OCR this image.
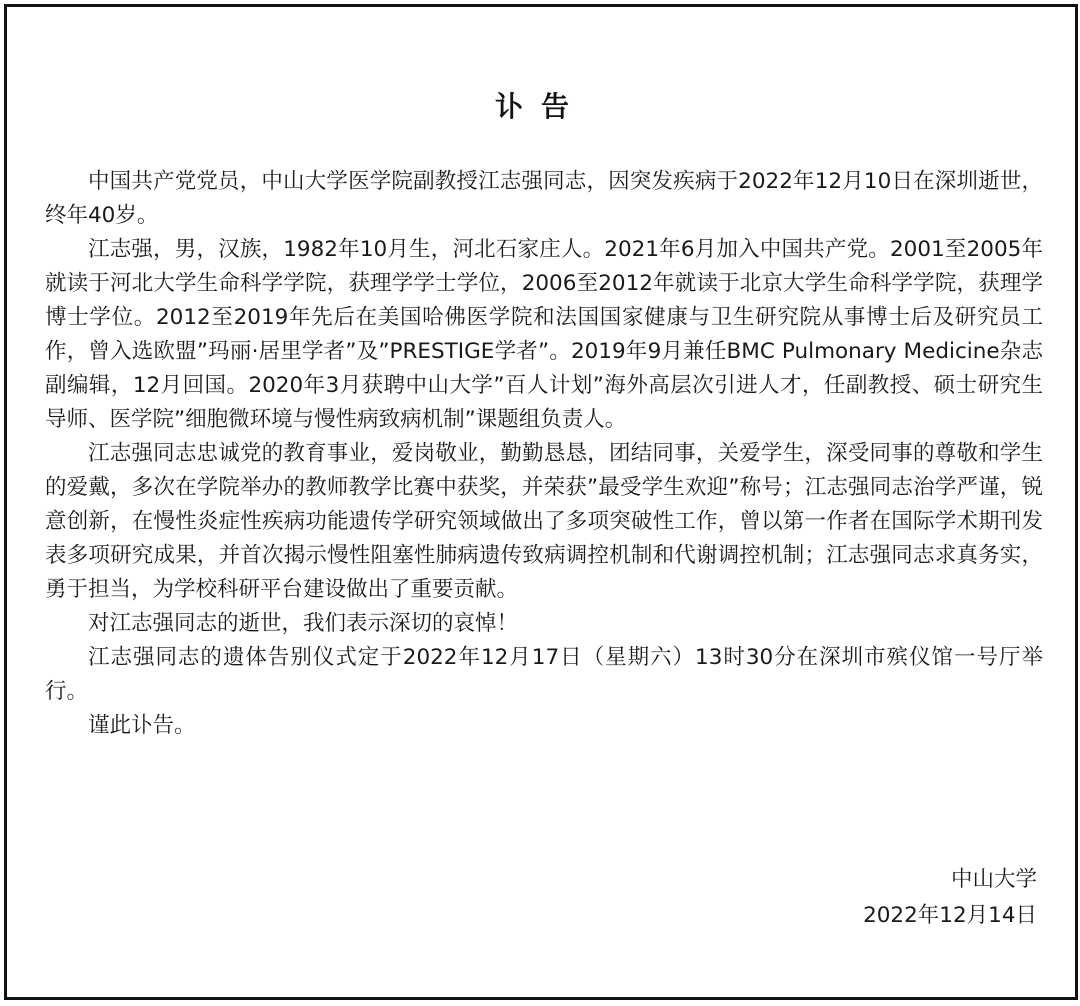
讣告

中国共产党党员，中山大学医学院副教授江志强同志，因突发疾病于2022年12月10日在深圳逝世，终年40岁。

江志强，男，汉族，1982年10月生，河北石家庄人。2021年6月加入中国共产党。2001至2005年就读于河北大学生命科学学院，获理学学士学位，2006至2012年就读于北京大学生命科学学院，获理学博士学位。2012至2019年先后在美国哈佛医学院和法国国家健康与卫生研究院从事博士后及研究员工作，曾入选欧盟”玛丽·居里学者”及”PRESTIGE学者”。2019年9月兼任BMC Pulmonary Medicine杂志副编辑，12月回国。2020年3月获聘中山大学”百人计划”海外高层次引进人才，任副教授、硕士研究生导师、医学院”细胞微环境与慢性病致病机制”课题组负责人。

江志强同志忠诚党的教育事业，爱岗敬业，勤勤恳恳，团结同事，关爱学生，深受同事的尊敬和学生的爱戴，多次在学院举办的教师教学比赛中获奖，并荣获”最受学生欢迎”称号；江志强同志治学严谨，锐意创新，在慢性炎症性疾病功能遗传学研究领域做出了多项突破性工作，曾以第一作者在国际学术期刊发表多项研究成果，并首次揭示慢性阻塞性肺病遗传致病调控机制和代谢调控机制；江志强同志求真务实，勇于担当，为学校科研平台建设做出了重要贡献。

对江志强同志的逝世，我们表示深切的哀悼！

江志强同志的遗体告别仪式定于2022年12月17日（星期六）13时30分在深圳市殡仪馆一号厅举行。

谨此讣告。

中山大学
2022年12月14日
